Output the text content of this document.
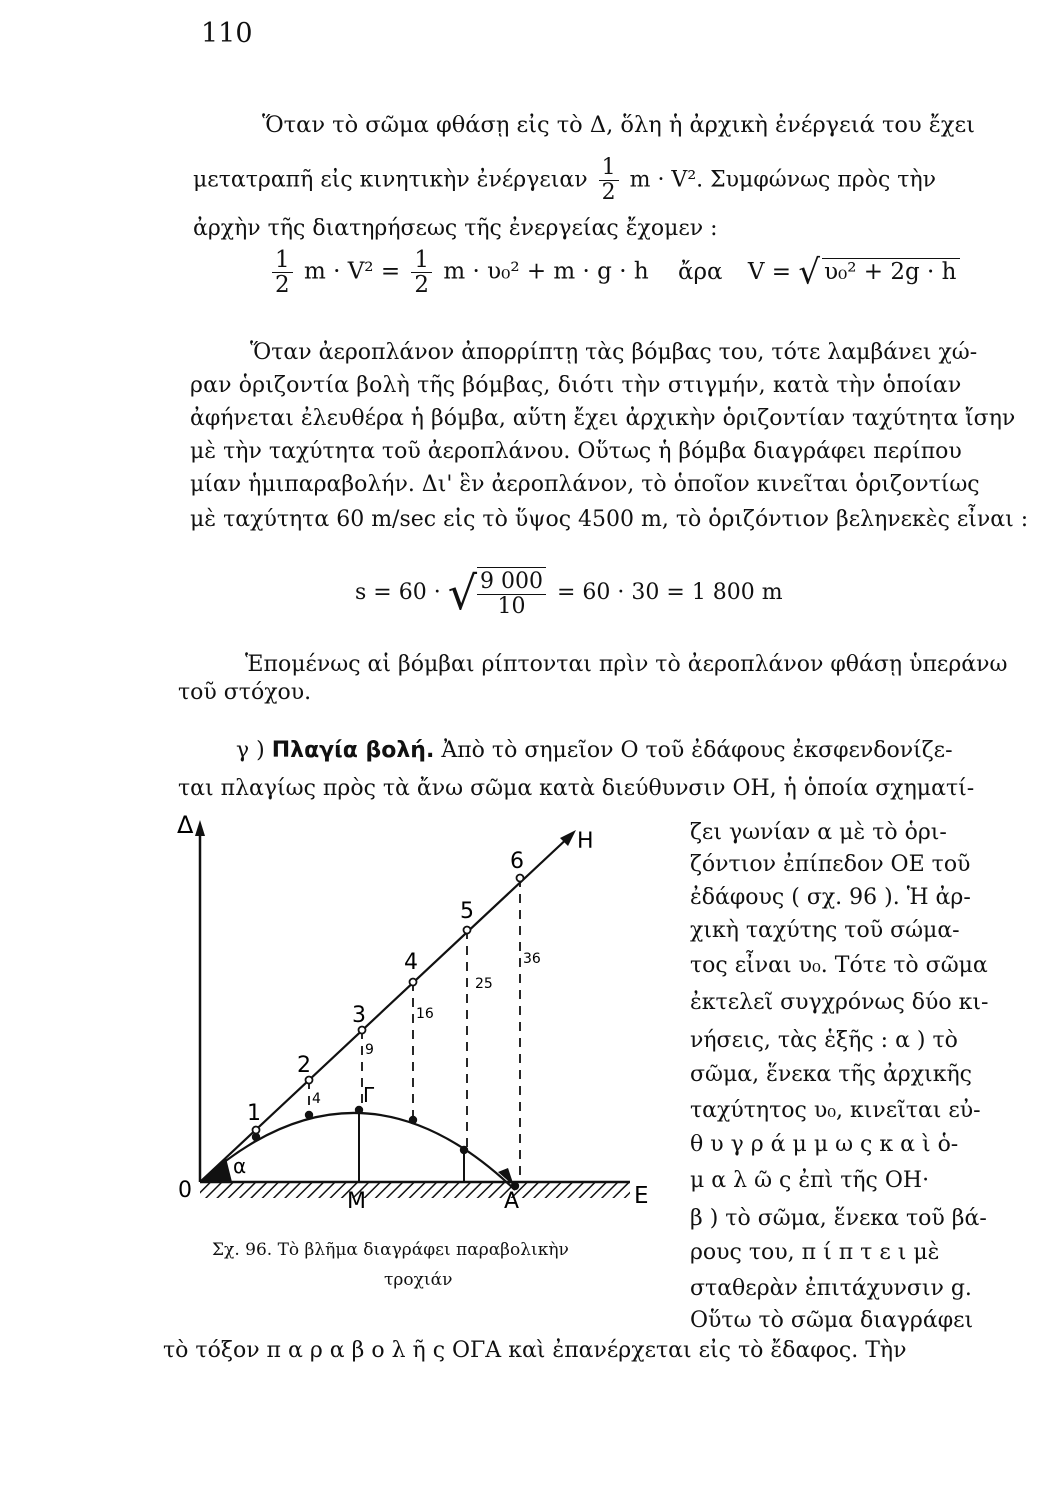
110
Ὅταν τὸ σῶμα φθάσῃ εἰς τὸ Δ, ὅλη ἡ ἀρχικὴ ἐνέργειά του ἔχει
μετατραπῆ εἰς κινητικὴν ἐνέργειαν $\frac{1}{2}$ m · V². Συμφώνως πρὸς τὴν
ἀρχὴν τῆς διατηρήσεως τῆς ἐνεργείας ἔχομεν :
$\frac{1}{2}$ $m \cdot V^2 = \frac{1}{2}$ m · υ₀² + m · g · h ἄρα V = √ υ₀² + 2g · h
Ὅταν ἀεροπλάνον ἀπορρίπτῃ τὰς βόμβας του, τότε λαμβάνει χώ-
ραν ὁριζοντία βολὴ τῆς βόμβας, διότι τὴν στιγμήν, κατὰ τὴν ὁποίαν
ἀφήνεται ἐλευθέρα ἡ βόμβα, αὕτη ἔχει ἀρχικὴν ὁριζοντίαν ταχύτητα ἴσην
μὲ τὴν ταχύτητα τοῦ ἀεροπλάνου. Οὕτως ἡ βόμβα διαγράφει περίπου
μίαν ἡμιπαραβολήν. Δι' ἓν ἀεροπλάνον, τὸ ὁποῖον κινεῖται ὁριζοντίως
μὲ ταχύτητα 60 m/sec εἰς τὸ ὕψος 4500 m, τὸ ὁριζόντιον βεληνεκὲς εἶναι :
s = 60 · √ $\frac{9 000}{10} = 60 \cdot 30 = 1$ 800 m
Ἑπομένως αἱ βόμβαι ρίπτονται πρὶν τὸ ἀεροπλάνον φθάσῃ ὑπεράνω
τοῦ στόχου.
γ ) Πλαγία βολή. Ἀπὸ τὸ σημεῖον Ο τοῦ ἐδάφους ἐκσφενδονίζε-
ται πλαγίως πρὸς τὰ ἄνω σῶμα κατὰ διεύθυνσιν ΟΗ, ἡ ὁποία σχηματί-
ζει γωνίαν α μὲ τὸ ὁρι-
ζόντιον ἐπίπεδον ΟΕ τοῦ
ἐδάφους ( σχ. 96 ). Ἡ ἀρ-
χικὴ ταχύτης τοῦ σώμα-
τος εἶναι υ₀. Τότε τὸ σῶμα
ἐκτελεῖ συγχρόνως δύο κι-
νήσεις, τὰς ἑξῆς : α ) τὸ
σῶμα, ἕνεκα τῆς ἀρχικῆς
ταχύτητος υ₀, κινεῖται εὐ-
θ υ γ ρ ά μ μ ω ς κ α ὶ ὁ-
μ α λ ῶ ς ἐπὶ τῆς ΟΗ·
β ) τὸ σῶμα, ἕνεκα τοῦ βά-
ρους του, π ί π τ ε ι μὲ
σταθερὰν ἐπιτάχυνσιν g.
Οὕτω τὸ σῶμα διαγράφει
τὸ τόξον π α ρ α β ο λ ῆ ς ΟΓΑ καὶ ἐπανέρχεται εἰς τὸ ἔδαφος. Τὴν
Δ
Η
0	E
M	A
Γ
α
1
2
3
4
5
6
4
9
16
25
36
Σχ. 96. Τὸ βλῆμα διαγράφει παραβολικὴν
τροχιάν
